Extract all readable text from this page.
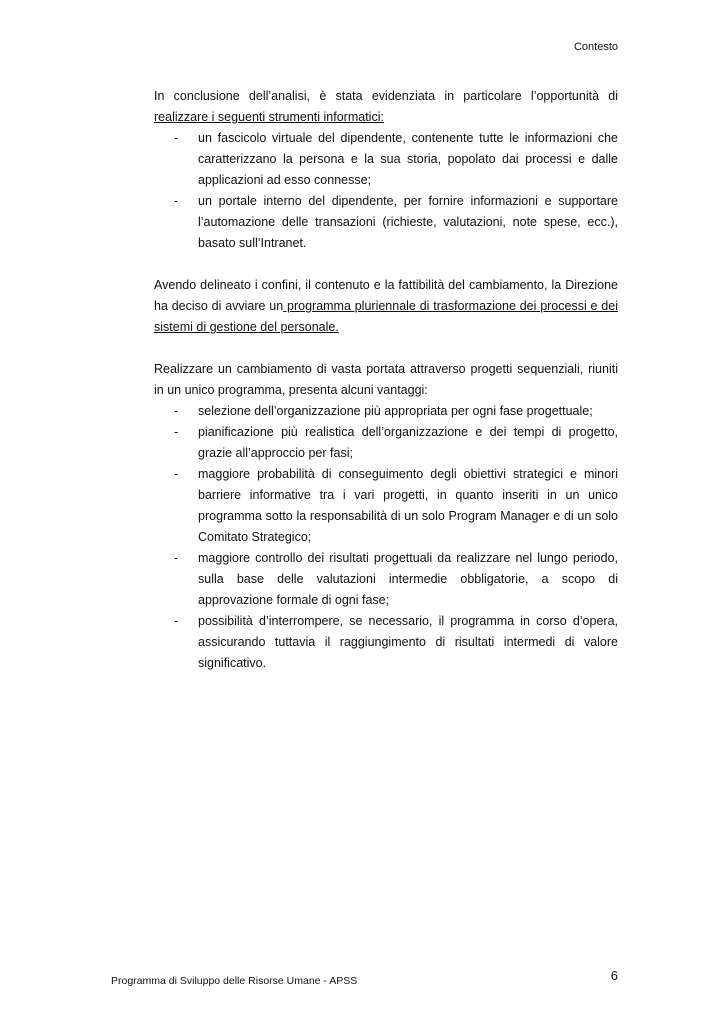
Contesto

In conclusione dell’analisi, è stata evidenziata in particolare l’opportunità di realizzare i seguenti strumenti informatici:

- un fascicolo virtuale del dipendente, contenente tutte le informazioni che caratterizzano la persona e la sua storia, popolato dai processi e dalle applicazioni ad esso connesse;
- un portale interno del dipendente, per fornire informazioni e supportare l’automazione delle transazioni (richieste, valutazioni, note spese, ecc.), basato sull’Intranet.

Avendo delineato i confini, il contenuto e la fattibilità del cambiamento, la Direzione ha deciso di avviare un programma pluriennale di trasformazione dei processi e dei sistemi di gestione del personale.

Realizzare un cambiamento di vasta portata attraverso progetti sequenziali, riuniti in un unico programma, presenta alcuni vantaggi:

- selezione dell’organizzazione più appropriata per ogni fase progettuale;
- pianificazione più realistica dell’organizzazione e dei tempi di progetto, grazie all’approccio per fasi;
- maggiore probabilità di conseguimento degli obiettivi strategici e minori barriere informative tra i vari progetti, in quanto inseriti in un unico programma sotto la responsabilità di un solo Program Manager e di un solo Comitato Strategico;
- maggiore controllo dei risultati progettuali da realizzare nel lungo periodo, sulla base delle valutazioni intermedie obbligatorie, a scopo di approvazione formale di ogni fase;
- possibilità d’interrompere, se necessario, il programma in corso d’opera, assicurando tuttavia il raggiungimento di risultati intermedi di valore significativo.
Programma di Sviluppo delle Risorse Umane - APSS	6
